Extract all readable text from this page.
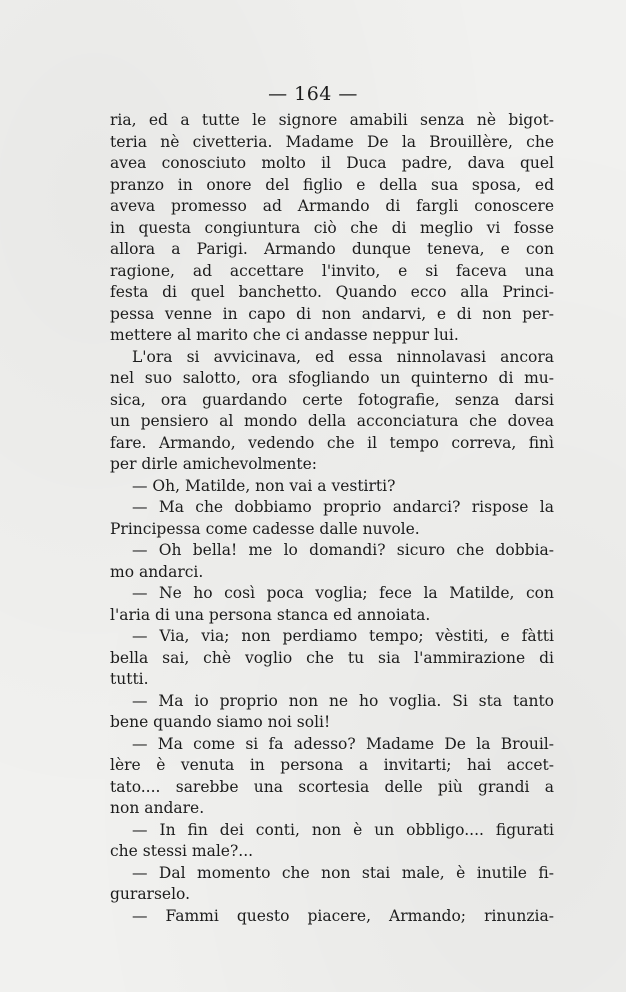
— 164 —

ria, ed a tutte le signore amabili senza nè bigot-
teria nè civetteria. Madame De la Brouillère, che
avea conosciuto molto il Duca padre, dava quel
pranzo in onore del figlio e della sua sposa, ed
aveva promesso ad Armando di fargli conoscere
in questa congiuntura ciò che di meglio vi fosse
allora a Parigi. Armando dunque teneva, e con
ragione, ad accettare l'invito, e si faceva una
festa di quel banchetto. Quando ecco alla Princi-
pessa venne in capo di non andarvi, e di non per-
mettere al marito che ci andasse neppur lui.
L'ora si avvicinava, ed essa ninnolavasi ancora
nel suo salotto, ora sfogliando un quinterno di mu-
sica, ora guardando certe fotografie, senza darsi
un pensiero al mondo della acconciatura che dovea
fare. Armando, vedendo che il tempo correva, finì
per dirle amichevolmente:
— Oh, Matilde, non vai a vestirti?
— Ma che dobbiamo proprio andarci? rispose la
Principessa come cadesse dalle nuvole.
— Oh bella! me lo domandi? sicuro che dobbia-
mo andarci.
— Ne ho così poca voglia; fece la Matilde, con
l'aria di una persona stanca ed annoiata.
— Via, via; non perdiamo tempo; vèstiti, e fàtti
bella sai, chè voglio che tu sia l'ammirazione di
tutti.
— Ma io proprio non ne ho voglia. Si sta tanto
bene quando siamo noi soli!
— Ma come si fa adesso? Madame De la Brouil-
lère è venuta in persona a invitarti; hai accet-
tato.... sarebbe una scortesia delle più grandi a
non andare.
— In fin dei conti, non è un obbligo.... figurati
che stessi male?...
— Dal momento che non stai male, è inutile fi-
gurarselo.
— Fammi questo piacere, Armando; rinunzia-
